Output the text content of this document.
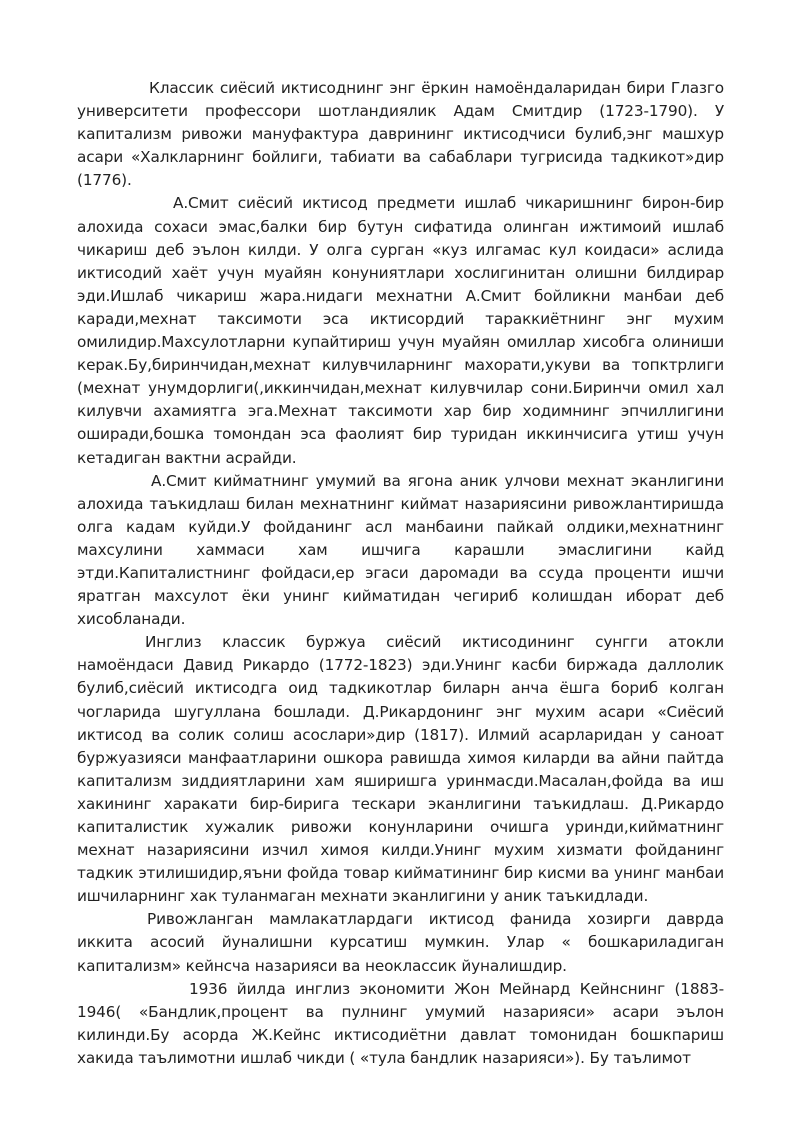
Классик сиёсий иктисоднинг энг ёркин намоёндаларидан бири Глазго университети профессори шотландиялик Адам Смитдир (1723-1790). У капитализм ривожи мануфактура даврининг иктисодчиси булиб,энг машхур асари «Халкларнинг бойлиги, табиати ва сабаблари тугрисида тадкикот»дир (1776).

А.Смит сиёсий иктисод предмети ишлаб чикаришнинг бирон-бир алохида сохаси эмас,балки бир бутун сифатида олинган ижтимоий ишлаб чикариш деб эълон килди. У олга сурган «куз илгамас кул коидаси» аслида иктисодий хаёт учун муайян конуниятлари хослигинитан олишни билдирар эди.Ишлаб чикариш жара.нидаги мехнатни А.Смит бойликни манбаи деб каради,мехнат таксимоти эса иктисордий тараккиётнинг энг мухим омилидир.Махсулотларни купайтириш учун муайян омиллар хисобга олиниши керак.Бу,биринчидан,мехнат килувчиларнинг махорати,укуви ва топктрлиги (мехнат унумдорлиги(,иккинчидан,мехнат килувчилар сони.Биринчи омил хал килувчи ахамиятга эга.Мехнат таксимоти хар бир ходимнинг эпчиллигини оширади,бошка томондан эса фаолият бир туридан иккинчисига утиш учун кетадиган вактни асрайди.

А.Смит кийматнинг умумий ва ягона аник улчови мехнат эканлигини алохида таъкидлаш билан мехнатнинг киймат назариясини ривожлантиришда олга кадам куйди.У фойданинг асл манбаини пайкай олдики,мехнатнинг махсулини хаммаси хам ишчига карашли эмаслигини кайд этди.Капиталистнинг фойдаси,ер эгаси даромади ва ссуда проценти ишчи яратган махсулот ёки унинг кийматидан чегириб колишдан иборат деб хисобланади.

Инглиз классик буржуа сиёсий иктисодининг сунгги атокли намоёндаси Давид Рикардо (1772-1823) эди.Унинг касби биржада даллолик булиб,сиёсий иктисодга оид тадкикотлар биларн анча ёшга бориб колган чогларида шугуллана бошлади. Д.Рикардонинг энг мухим асари «Сиёсий иктисод ва солик солиш асослари»дир (1817). Илмий асарларидан у саноат буржуазияси манфаатларини ошкора равишда химоя киларди ва айни пайтда капитализм зиддиятларини хам яширишга уринмасди.Масалан,фойда ва иш хакининг харакати бир-бирига тескари эканлигини таъкидлаш. Д.Рикардо капиталистик хужалик ривожи конунларини очишга уринди,кийматнинг мехнат назариясини изчил химоя килди.Унинг мухим хизмати фойданинг тадкик этилишидир,яъни фойда товар кийматининг бир кисми ва унинг манбаи ишчиларнинг хак туланмаган мехнати эканлигини у аник таъкидлади.

Ривожланган мамлакатлардаги иктисод фанида хозирги даврда иккита асосий йуналишни курсатиш мумкин. Улар « бошкариладиган капитализм» кейнсча назарияси ва неоклассик йуналишдир.

1936 йилда инглиз экономити Жон Мейнард Кейнснинг (1883-1946( «Бандлик,процент ва пулнинг умумий назарияси» асари эълон килинди.Бу асорда Ж.Кейнс иктисодиётни давлат томонидан бошкпариш хакида таълимотни ишлаб чикди ( «тула бандлик назарияси»). Бу таълимот
